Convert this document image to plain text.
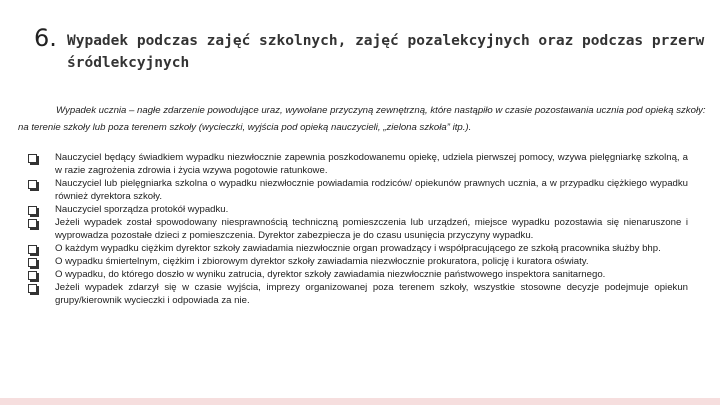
6. Wypadek podczas zajęć szkolnych, zajęć pozalekcyjnych oraz podczas przerw śródlekcyjnych
Wypadek ucznia – nagłe zdarzenie powodujące uraz, wywołane przyczyną zewnętrzną, które nastąpiło w czasie pozostawania ucznia pod opieką szkoły: na terenie szkoły lub poza terenem szkoły (wycieczki, wyjścia pod opieką nauczycieli, „zielona szkoła” itp.).
Nauczyciel będący świadkiem wypadku niezwłocznie zapewnia poszkodowanemu opiekę, udziela pierwszej pomocy, wzywa pielęgniarkę szkolną, a w razie zagrożenia zdrowia i życia wzywa pogotowie ratunkowe.
Nauczyciel lub pielęgniarka szkolna o wypadku niezwłocznie powiadamia rodziców/ opiekunów prawnych ucznia, a w przypadku ciężkiego wypadku również dyrektora szkoły.
Nauczyciel sporządza protokół wypadku.
Jeżeli wypadek został spowodowany niesprawnością techniczną pomieszczenia lub urządzeń, miejsce wypadku pozostawia się nienaruszone i wyprowadza pozostałe dzieci z pomieszczenia. Dyrektor zabezpiecza je do czasu usunięcia przyczyny wypadku.
O każdym wypadku ciężkim dyrektor szkoły zawiadamia niezwłocznie organ prowadzący i współpracującego ze szkołą pracownika służby bhp.
O wypadku śmiertelnym, ciężkim i zbiorowym dyrektor szkoły zawiadamia niezwłocznie prokuratora, policję i kuratora oświaty.
O wypadku, do którego doszło w wyniku zatrucia, dyrektor szkoły zawiadamia niezwłocznie państwowego inspektora sanitarnego.
Jeżeli wypadek zdarzył się w czasie wyjścia, imprezy organizowanej poza terenem szkoły, wszystkie stosowne decyzje podejmuje opiekun grupy/kierownik wycieczki i odpowiada za nie.
